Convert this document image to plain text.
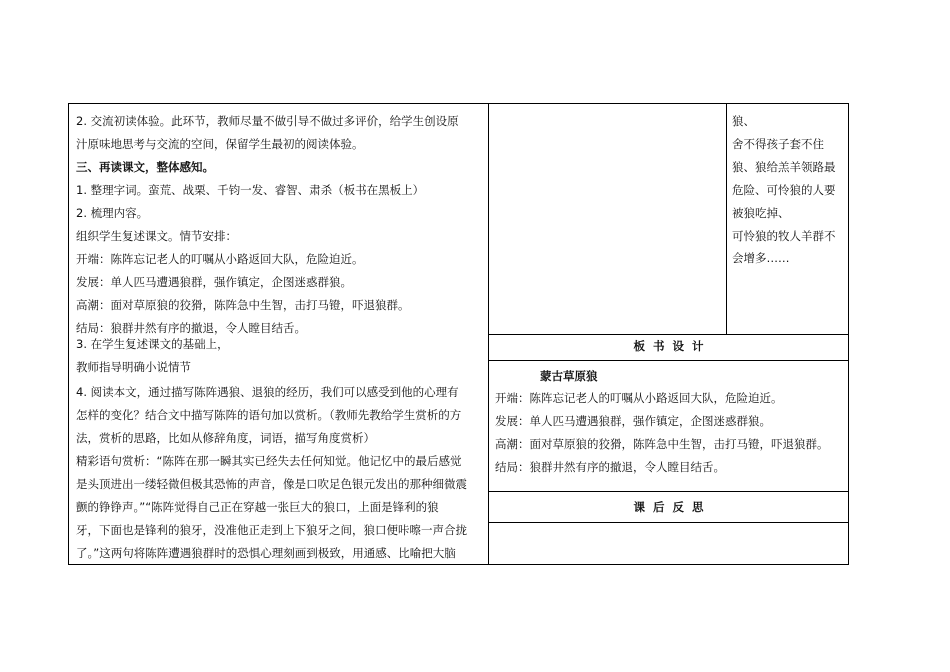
2. 交流初读体验。此环节，教师尽量不做引导不做过多评价，给学生创设原
汁原味地思考与交流的空间，保留学生最初的阅读体验。
三、再读课文，整体感知。
1. 整理字词。蛮荒、战栗、千钧一发、睿智、肃杀（板书在黑板上）
2. 梳理内容。
组织学生复述课文。情节安排：
开端：陈阵忘记老人的叮嘱从小路返回大队，危险迫近。
发展：单人匹马遭遇狼群，强作镇定，企图迷惑群狼。
高潮：面对草原狼的狡猾，陈阵急中生智，击打马镫，吓退狼群。
结局：狼群井然有序的撤退，令人瞠目结舌。
3. 在学生复述课文的基础上，
教师指导明确小说情节
4. 阅读本文，通过描写陈阵遇狼、退狼的经历，我们可以感受到他的心理有
怎样的变化？结合文中描写陈阵的语句加以赏析。（教师先教给学生赏析的方
法，赏析的思路，比如从修辞角度，词语，描写角度赏析）
精彩语句赏析：“陈阵在那一瞬其实已经失去任何知觉。他记忆中的最后感觉
是头顶进出一缕轻微但极其恐怖的声音，像是口吹足色银元发出的那种细微震
颤的铮铮声。”“陈阵觉得自己正在穿越一张巨大的狼口，上面是锋利的狼
牙，下面也是锋利的狼牙，没准他正走到上下狼牙之间，狼口便咔嚓一声合拢
了。”这两句将陈阵遭遇狼群时的恐惧心理刻画到极致，用通感、比喻把大脑
狼、
舍不得孩子套不住
狼、狼给羔羊领路最
危险、可怜狼的人要
被狼吃掉、
可怜狼的牧人羊群不
会增多……
板  书  设  计
蒙古草原狼
开端：陈阵忘记老人的叮嘱从小路返回大队，危险迫近。
发展：单人匹马遭遇狼群，强作镇定，企图迷惑群狼。
高潮：面对草原狼的狡猾，陈阵急中生智，击打马镫，吓退狼群。
结局：狼群井然有序的撤退，令人瞠目结舌。
课  后  反  思
